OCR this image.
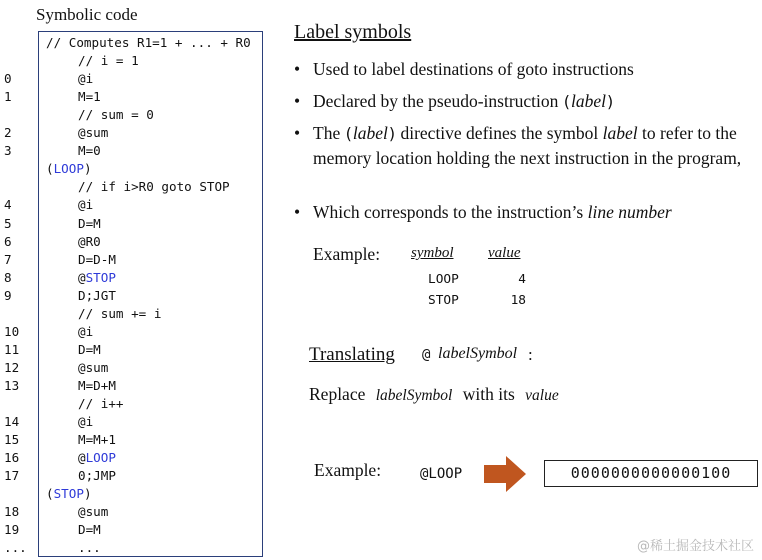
Symbolic code
// Computes R1=1 + ... + R0
// i = 1
0	@i
1	M=1
// sum = 0
2	@sum
3	M=0
(LOOP)
// if i>R0 goto STOP
4	@i
5	D=M
6	@R0
7	D=D-M
8	@STOP
9	D;JGT
// sum += i
10	@i
11	D=M
12	@sum
13	M=D+M
// i++
14	@i
15	M=M+1
16	@LOOP
17	0;JMP
(STOP)
18	@sum
19	D=M
...	...
Label symbols
• Used to label destinations of goto instructions
• Declared by the pseudo-instruction (label)
• The (label) directive defines the symbol label to refer to the memory location holding the next instruction in the program,
• Which corresponds to the instruction’s line number
Example: symbol value
LOOP	4
STOP	18
Translating @ labelSymbol :
Replace labelSymbol with its value
Example:	@LOOP	0000000000000100
@稀土掘金技术社区
